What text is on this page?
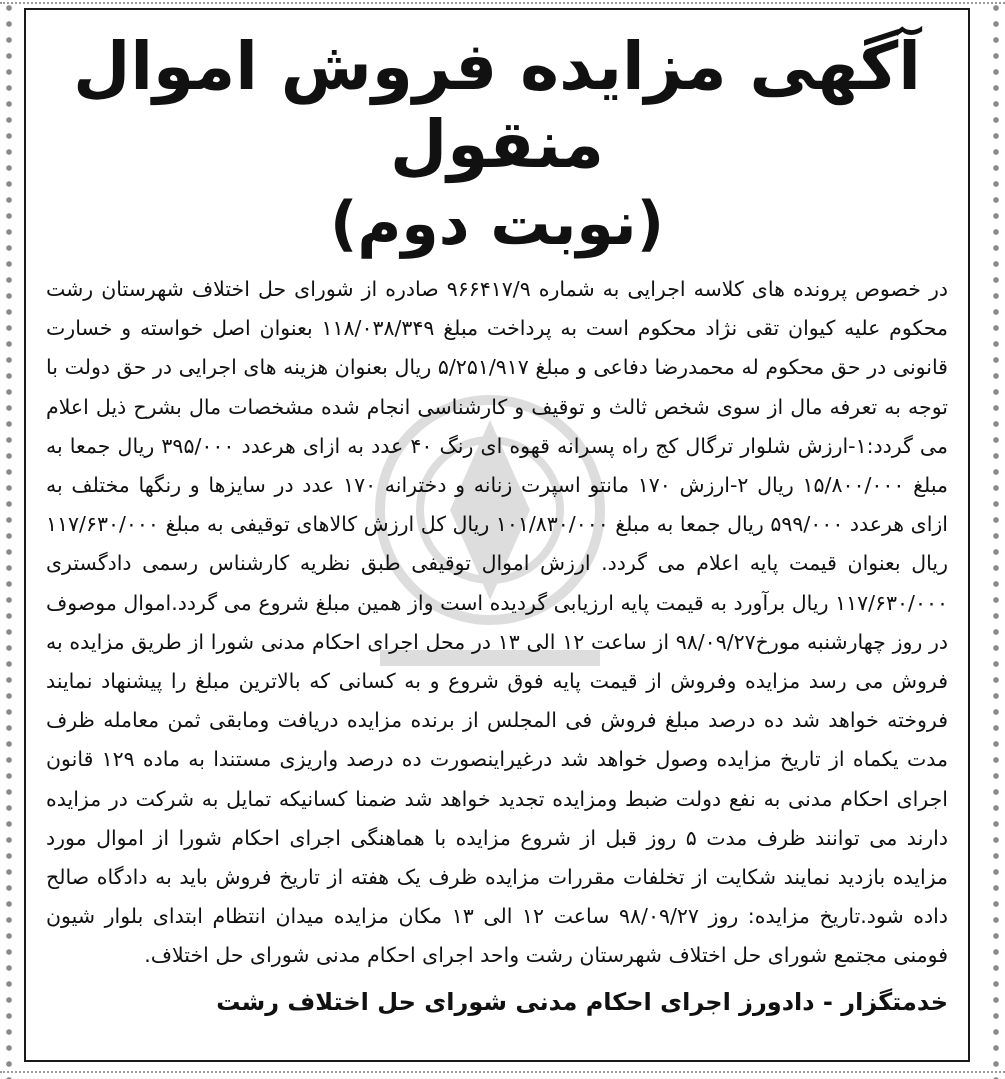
آگهی مزایده فروش اموال منقول
(نوبت دوم)

در خصوص پرونده های کلاسه اجرایی به شماره ۹۶۶۴۱۷/۹ صادره از شورای حل اختلاف شهرستان رشت محکوم علیه کیوان تقی نژاد محکوم است به پرداخت مبلغ ۱۱۸/۰۳۸/۳۴۹ بعنوان اصل خواسته و خسارت قانونی در حق محکوم له محمدرضا دفاعی و مبلغ ۵/۲۵۱/۹۱۷ ریال بعنوان هزینه های اجرایی در حق دولت با توجه به تعرفه مال از سوی شخص ثالث و توقیف و کارشناسی انجام شده مشخصات مال بشرح ذیل اعلام می گردد:۱-ارزش شلوار ترگال کج راه پسرانه قهوه ای رنگ ۴۰ عدد به ازای هرعدد ۳۹۵/۰۰۰ ریال جمعا به مبلغ ۱۵/۸۰۰/۰۰۰ ریال ۲-ارزش ۱۷۰ مانتو اسپرت زنانه و دخترانه ۱۷۰ عدد در سایزها و رنگها مختلف به ازای هرعدد ۵۹۹/۰۰۰ ریال جمعا به مبلغ ۱۰۱/۸۳۰/۰۰۰ ریال کل ارزش کالاهای توقیفی به مبلغ ۱۱۷/۶۳۰/۰۰۰ ریال بعنوان قیمت پایه اعلام می گردد. ارزش اموال توقیفی طبق نظریه کارشناس رسمی دادگستری ۱۱۷/۶۳۰/۰۰۰ ریال برآورد به قیمت پایه ارزیابی گردیده است واز همین مبلغ شروع می گردد.اموال موصوف در روز چهارشنبه مورخ۹۸/۰۹/۲۷ از ساعت ۱۲ الی ۱۳ در محل اجرای احکام مدنی شورا از طریق مزایده به فروش می رسد مزایده وفروش از قیمت پایه فوق شروع و به کسانی که بالاترین مبلغ را پیشنهاد نمایند فروخته خواهد شد ده درصد مبلغ فروش فی المجلس از برنده مزایده دریافت ومابقی ثمن معامله ظرف مدت یکماه از تاریخ مزایده وصول خواهد شد درغیراینصورت ده درصد واریزی مستندا به ماده ۱۲۹ قانون اجرای احکام مدنی به نفع دولت ضبط ومزایده تجدید خواهد شد ضمنا کسانیکه تمایل به شرکت در مزایده دارند می توانند ظرف مدت ۵ روز قبل از شروع مزایده با هماهنگی اجرای احکام شورا از اموال مورد مزایده بازدید نمایند شکایت از تخلفات مقررات مزایده ظرف یک هفته از تاریخ فروش باید به دادگاه صالح داده شود.تاریخ مزایده: روز ۹۸/۰۹/۲۷ ساعت ۱۲ الی ۱۳ مکان مزایده میدان انتظام ابتدای بلوار شیون فومنی مجتمع شورای حل اختلاف شهرستان رشت واحد اجرای احکام مدنی شورای حل اختلاف.

خدمتگزار - دادورز اجرای احکام مدنی شورای حل اختلاف رشت
